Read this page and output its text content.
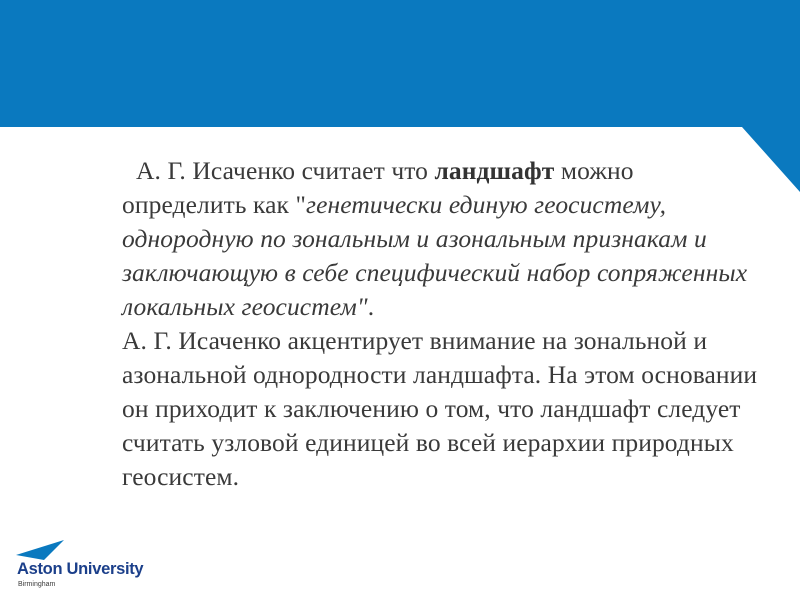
А. Г. Исаченко считает что ландшафт можно определить как "генетически единую геосистему, однородную по зональным и азональным признакам и заключающую в себе специфический набор сопряженных локальных геосистем".

А. Г. Исаченко акцентирует внимание на зональной и азональной однородности ландшафта. На этом основании он приходит к заключению о том, что ландшафт следует считать узловой единицей во всей иерархии природных геосистем.

Aston University
Birmingham
